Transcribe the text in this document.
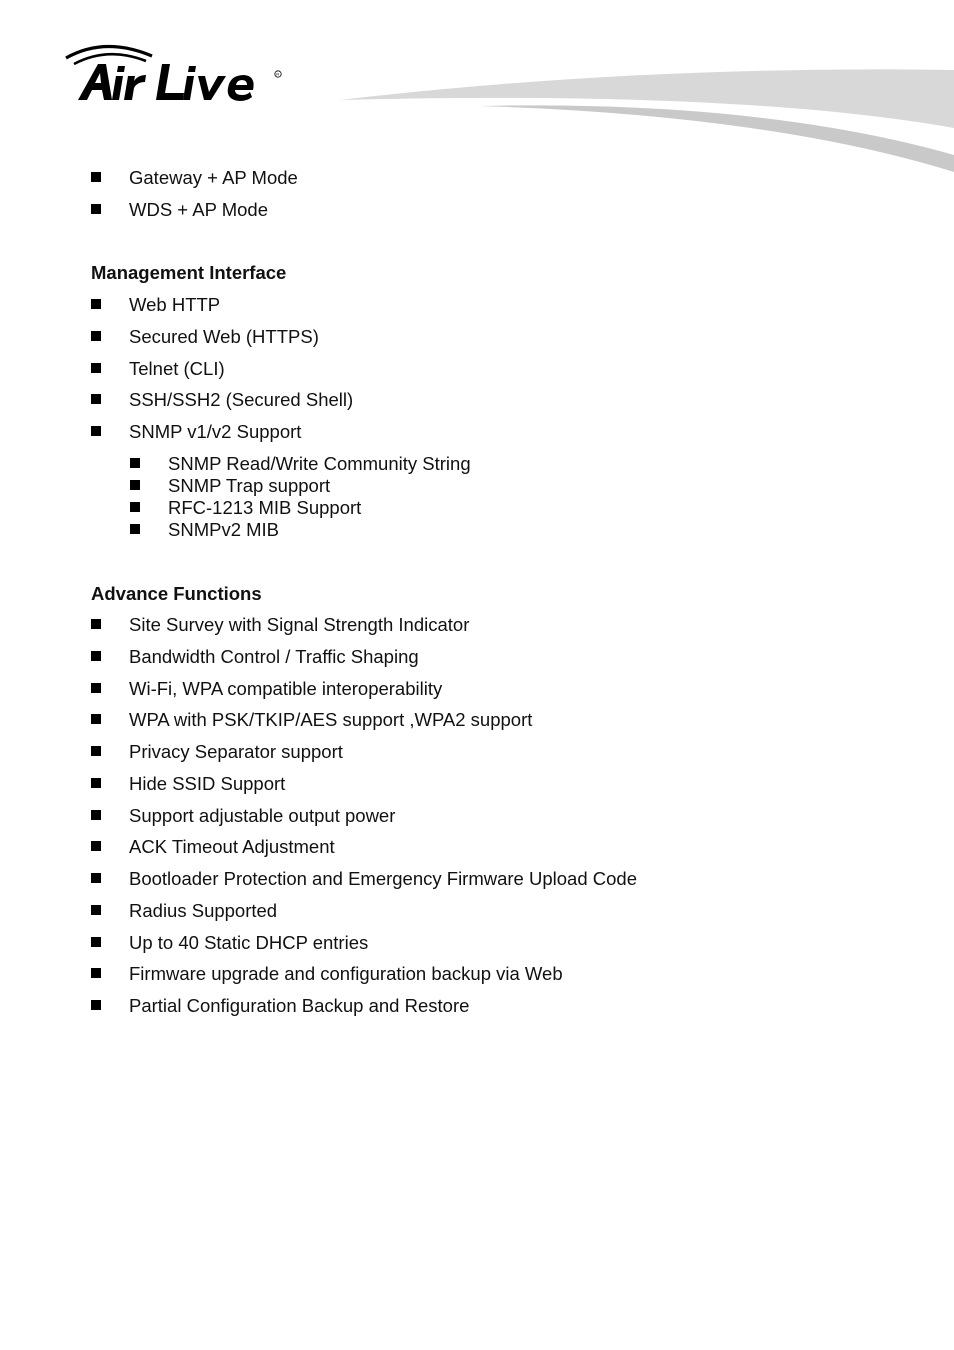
R
Gateway + AP Mode
WDS + AP Mode
Management Interface
Web HTTP
Secured Web (HTTPS)
Telnet (CLI)
SSH/SSH2 (Secured Shell)
SNMP v1/v2 Support
SNMP Read/Write Community String
SNMP Trap support
RFC-1213 MIB Support
SNMPv2 MIB
Advance Functions
Site Survey with Signal Strength Indicator
Bandwidth Control / Traffic Shaping
Wi-Fi, WPA compatible interoperability
WPA with PSK/TKIP/AES support ,WPA2 support
Privacy Separator support
Hide SSID Support
Support adjustable output power
ACK Timeout Adjustment
Bootloader Protection and Emergency Firmware Upload Code
Radius Supported
Up to 40 Static DHCP entries
Firmware upgrade and configuration backup via Web
Partial Configuration Backup and Restore
